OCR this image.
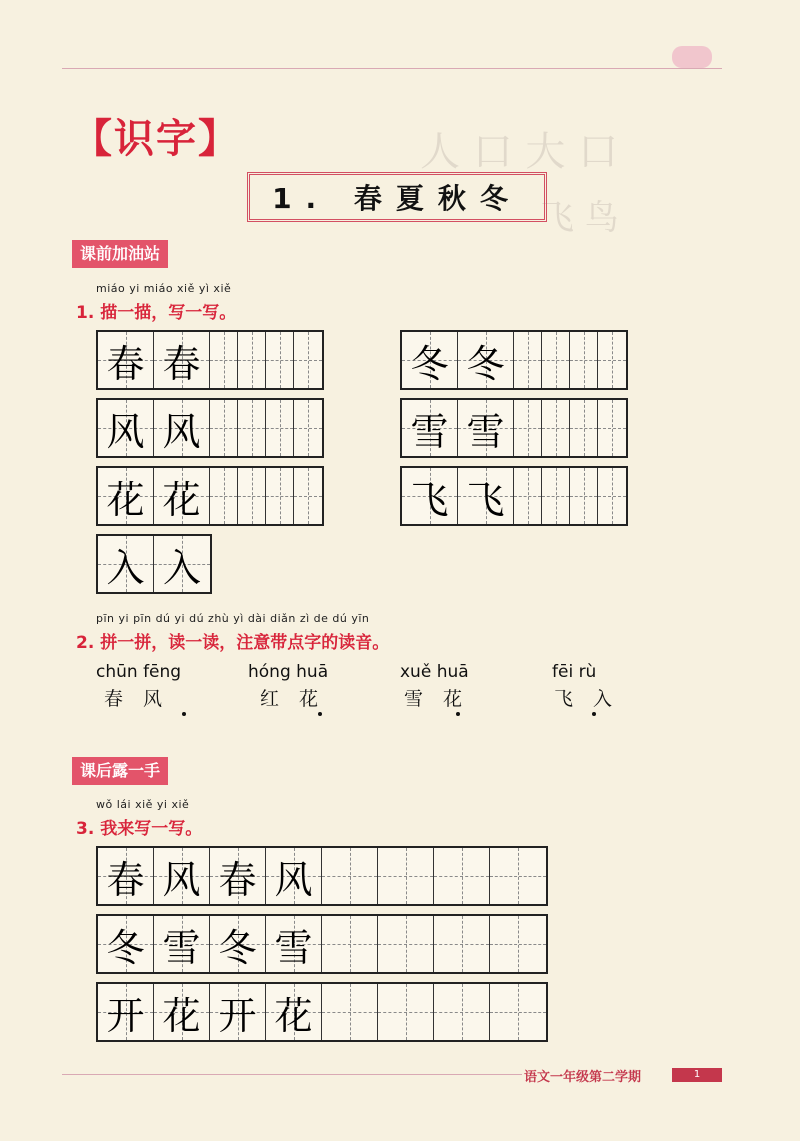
人 口 大 口
飞 鸟
【识字】
1. 春夏秋冬
课前加油站
miáo yi miáo xiě yì xiě
1. 描一描，写一写。
春 春
风 风
花 花
入 入
冬 冬
雪 雪
飞 飞
pīn yi pīn dú yi dú zhù yì dài diǎn zì de dú yīn
2. 拼一拼，读一读，注意带点字的读音。
chūn fēng
春风
hóng huā
红花
xuě huā
雪花
fēi rù
飞入
课后露一手
wǒ lái xiě yi xiě
3. 我来写一写。
春 风 春 风
冬 雪 冬 雪
开 花 开 花
语文一年级第二学期	1
